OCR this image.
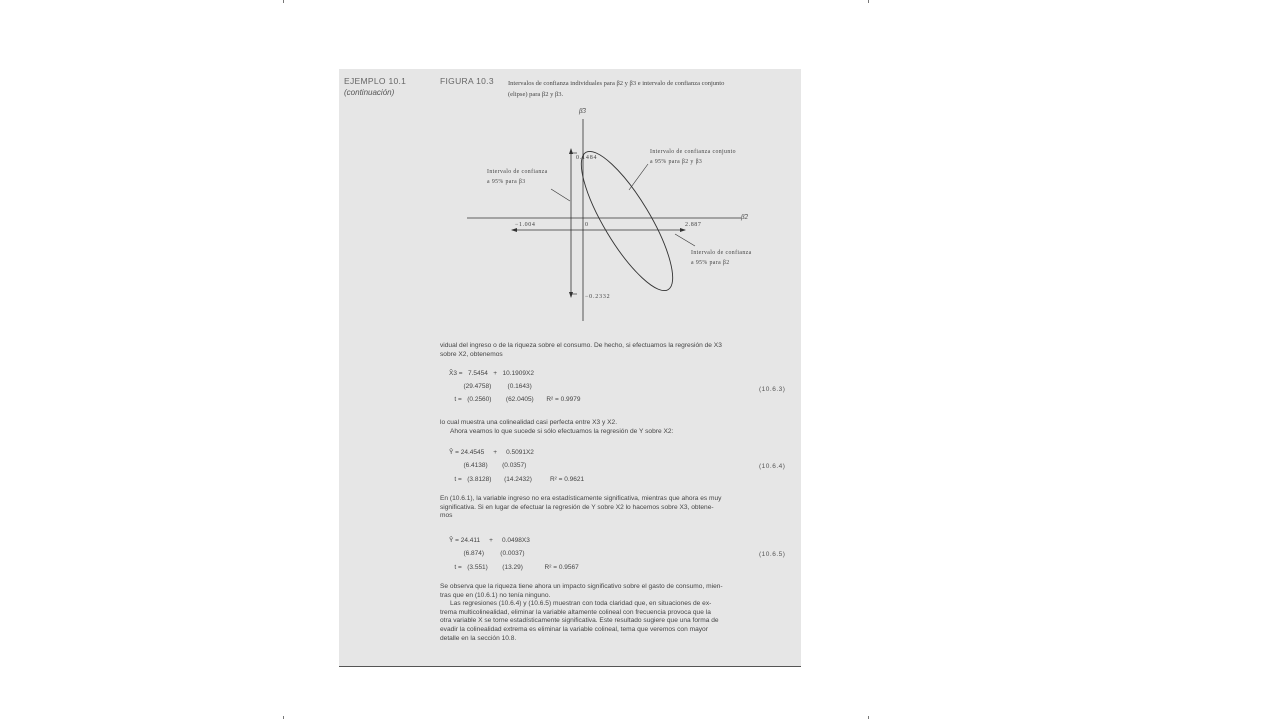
EJEMPLO 10.1
(continuación)
FIGURA 10.3 Intervalos de confianza individuales para β2 y β3 e intervalo de confianza conjunto
(elipse) para β2 y β3.
β̂3
β̂2
0.1484
−0.2332
−1.004	0	2.887
Intervalo de confianza conjunto
a 95% para β2 y β3
Intervalo de confianza
a 95% para β3
Intervalo de confianza
a 95% para β2
vidual del ingreso o de la riqueza sobre el consumo. De hecho, si efectuamos la regresión de X3
sobre X2, obtenemos
X̂3 =   7.5454   +   10.1909X2
(29.4758)         (0.1643)
t =   (0.2560)        (62.0405)       R² = 0.9979
(10.6.3)
lo cual muestra una colinealidad casi perfecta entre X3 y X2.
Ahora veamos lo que sucede si sólo efectuamos la regresión de Y sobre X2:
Ŷ = 24.4545     +     0.5091X2
(6.4138)        (0.0357)
t =   (3.8128)       (14.2432)          R² = 0.9621
(10.6.4)
En (10.6.1), la variable ingreso no era estadísticamente significativa, mientras que ahora es muy
significativa. Si en lugar de efectuar la regresión de Y sobre X2 lo hacemos sobre X3, obtene-
mos
Ŷ = 24.411     +     0.0498X3
(6.874)         (0.0037)
t =   (3.551)        (13.29)            R² = 0.9567
(10.6.5)
Se observa que la riqueza tiene ahora un impacto significativo sobre el gasto de consumo, mien-
tras que en (10.6.1) no tenía ninguno.
Las regresiones (10.6.4) y (10.6.5) muestran con toda claridad que, en situaciones de ex-
trema multicolinealidad, eliminar la variable altamente colineal con frecuencia provoca que la
otra variable X se torne estadísticamente significativa. Este resultado sugiere que una forma de
evadir la colinealidad extrema es eliminar la variable colineal, tema que veremos con mayor
detalle en la sección 10.8.
